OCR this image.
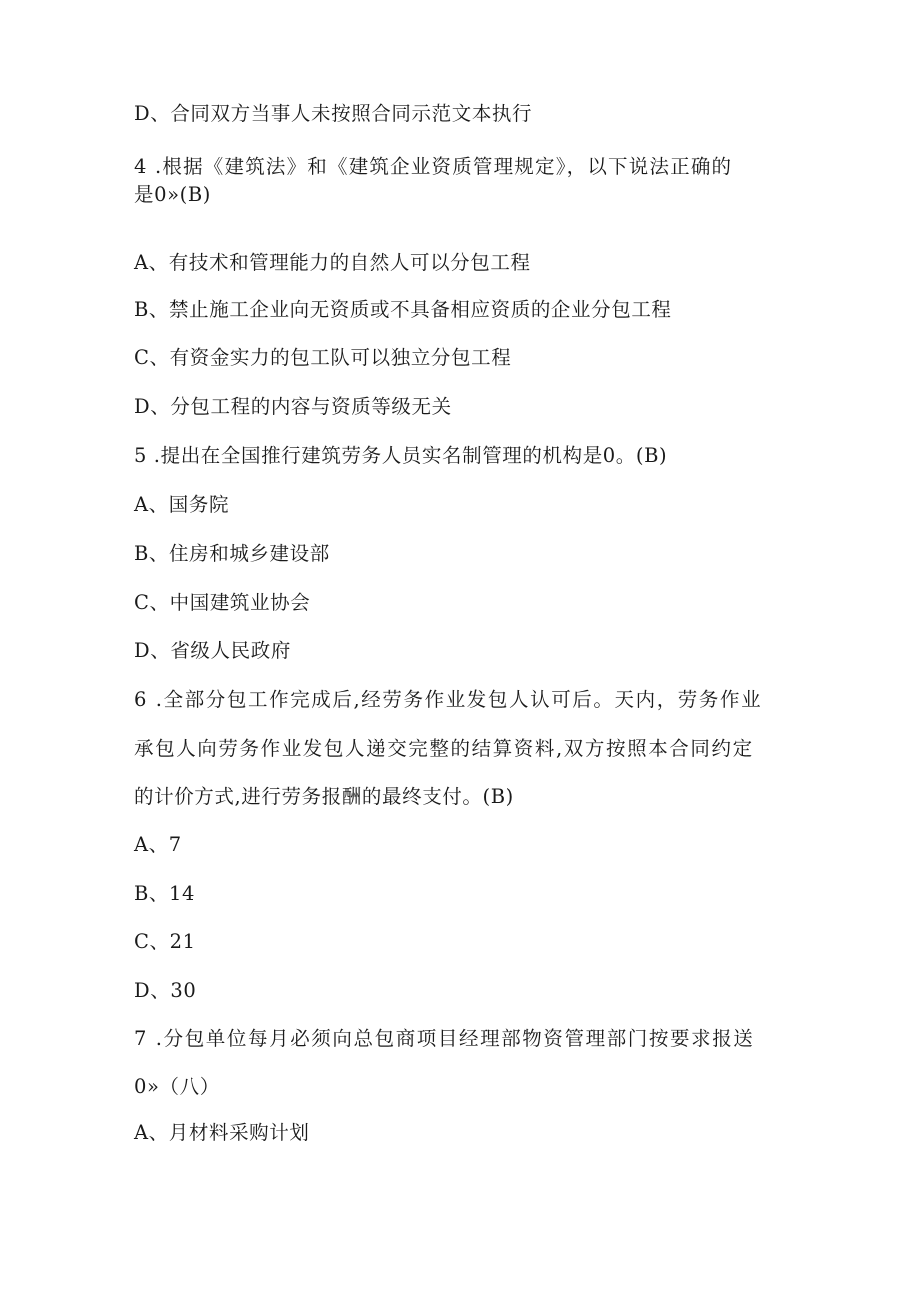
D、合同双方当事人未按照合同示范文本执行
4 .根据《建筑法》和《建筑企业资质管理规定》，以下说法正确的
是0»(B)
A、有技术和管理能力的自然人可以分包工程
B、禁止施工企业向无资质或不具备相应资质的企业分包工程
C、有资金实力的包工队可以独立分包工程
D、分包工程的内容与资质等级无关
5 .提出在全国推行建筑劳务人员实名制管理的机构是0。(B)
A、国务院
B、住房和城乡建设部
C、中国建筑业协会
D、省级人民政府
6 .全部分包工作完成后,经劳务作业发包人认可后。天内，劳务作业
承包人向劳务作业发包人递交完整的结算资料,双方按照本合同约定
的计价方式,进行劳务报酬的最终支付。(B)
A、7
B、14
C、21
D、30
7 .分包单位每月必须向总包商项目经理部物资管理部门按要求报送
0»（八）
A、月材料采购计划
